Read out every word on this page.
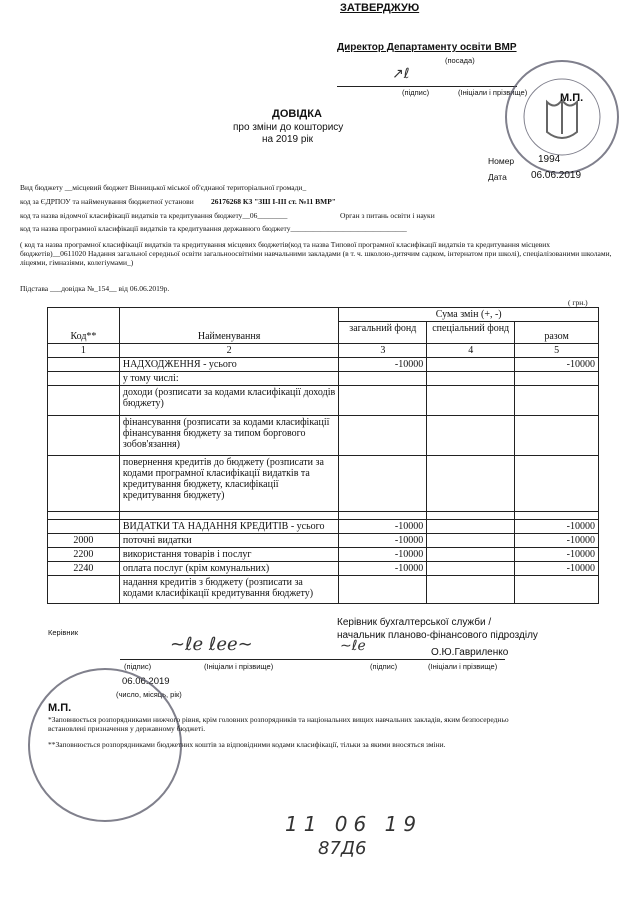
ЗАТВЕРДЖУЮ
Директор Департаменту освіти ВМР
(посада)
↗ℓ
(підпис)	(Ініціали і прізвище)	М.П.
ДОВІДКА
про зміни до кошторису
на 2019 рік
Номер 1994
Дата 06.06.2019
Вид бюджету __місцевий бюджет Вінницької міської об'єднаної територіальної громади_
код за ЄДРПОУ та найменування бюджетної установи 26176268 КЗ "ЗШ І-ІІІ ст. №11 ВМР"
код та назва відомчої класифікації видатків та кредитування бюджету__06________	Орган з питань освіти і науки
код та назва програмної класифікації видатків та кредитування державного бюджету_______________________________
( код та назва програмної класифікації видатків та кредитування місцевих бюджетів(код та назва Типової програмної класифікації видатків та кредитування місцевих бюджетів)__0611020 Надання загальної середньої освіти загальноосвітніми навчальними закладами (в т. ч. школою-дитячим садком, інтернатом при школі), спеціалізованими школами, ліцеями, гімназіями, колегіумами_)
Підстава ___довідка №_154__ від 06.06.2019р.
( грн.)
Код**	Найменування	Сума змін (+, -)		
		загальний фонд	спеціальний фонд	разом
1	2	3	4	5
	НАДХОДЖЕННЯ - усього	-10000		-10000
	у тому числі:			
	доходи (розписати за кодами класифікації доходів бюджету)			
	фінансування (розписати за кодами класифікації фінансування бюджету за типом боргового зобов'язання)			
	повернення кредитів до бюджету (розписати за кодами програмної класифікації видатків та кредитування бюджету, класифікації кредитування бюджету)			

	ВИДАТКИ ТА НАДАННЯ КРЕДИТІВ - усього	-10000		-10000
2000	поточні видатки	-10000		-10000
2200	використання товарів і послуг	-10000		-10000
2240	оплата послуг (крім комунальних)	-10000		-10000
	надання кредитів з бюджету (розписати за кодами класифікації кредитування бюджету)			
Керівник
Керівник бухгалтерської служби /
начальник планово-фінансового підрозділу
О.Ю.Гавриленко
~ℓℯ ℓℯℯ∼
(підпис)	(Ініціали і прізвище)
∼ℓℯ
(підпис)	(Ініціали і прізвище)
06.06.2019
(число, місяць, рік)
М.П.
*Заповнюється розпорядниками нижчого рівня, крім головних розпорядників та національних вищих навчальних закладів, яким безпосередньо встановлені призначення у державному бюджеті.
**Заповнюється розпорядниками бюджетних коштів за відповідними кодами класифікації, тільки за якими вносяться зміни.
11 06 19
87Д6
